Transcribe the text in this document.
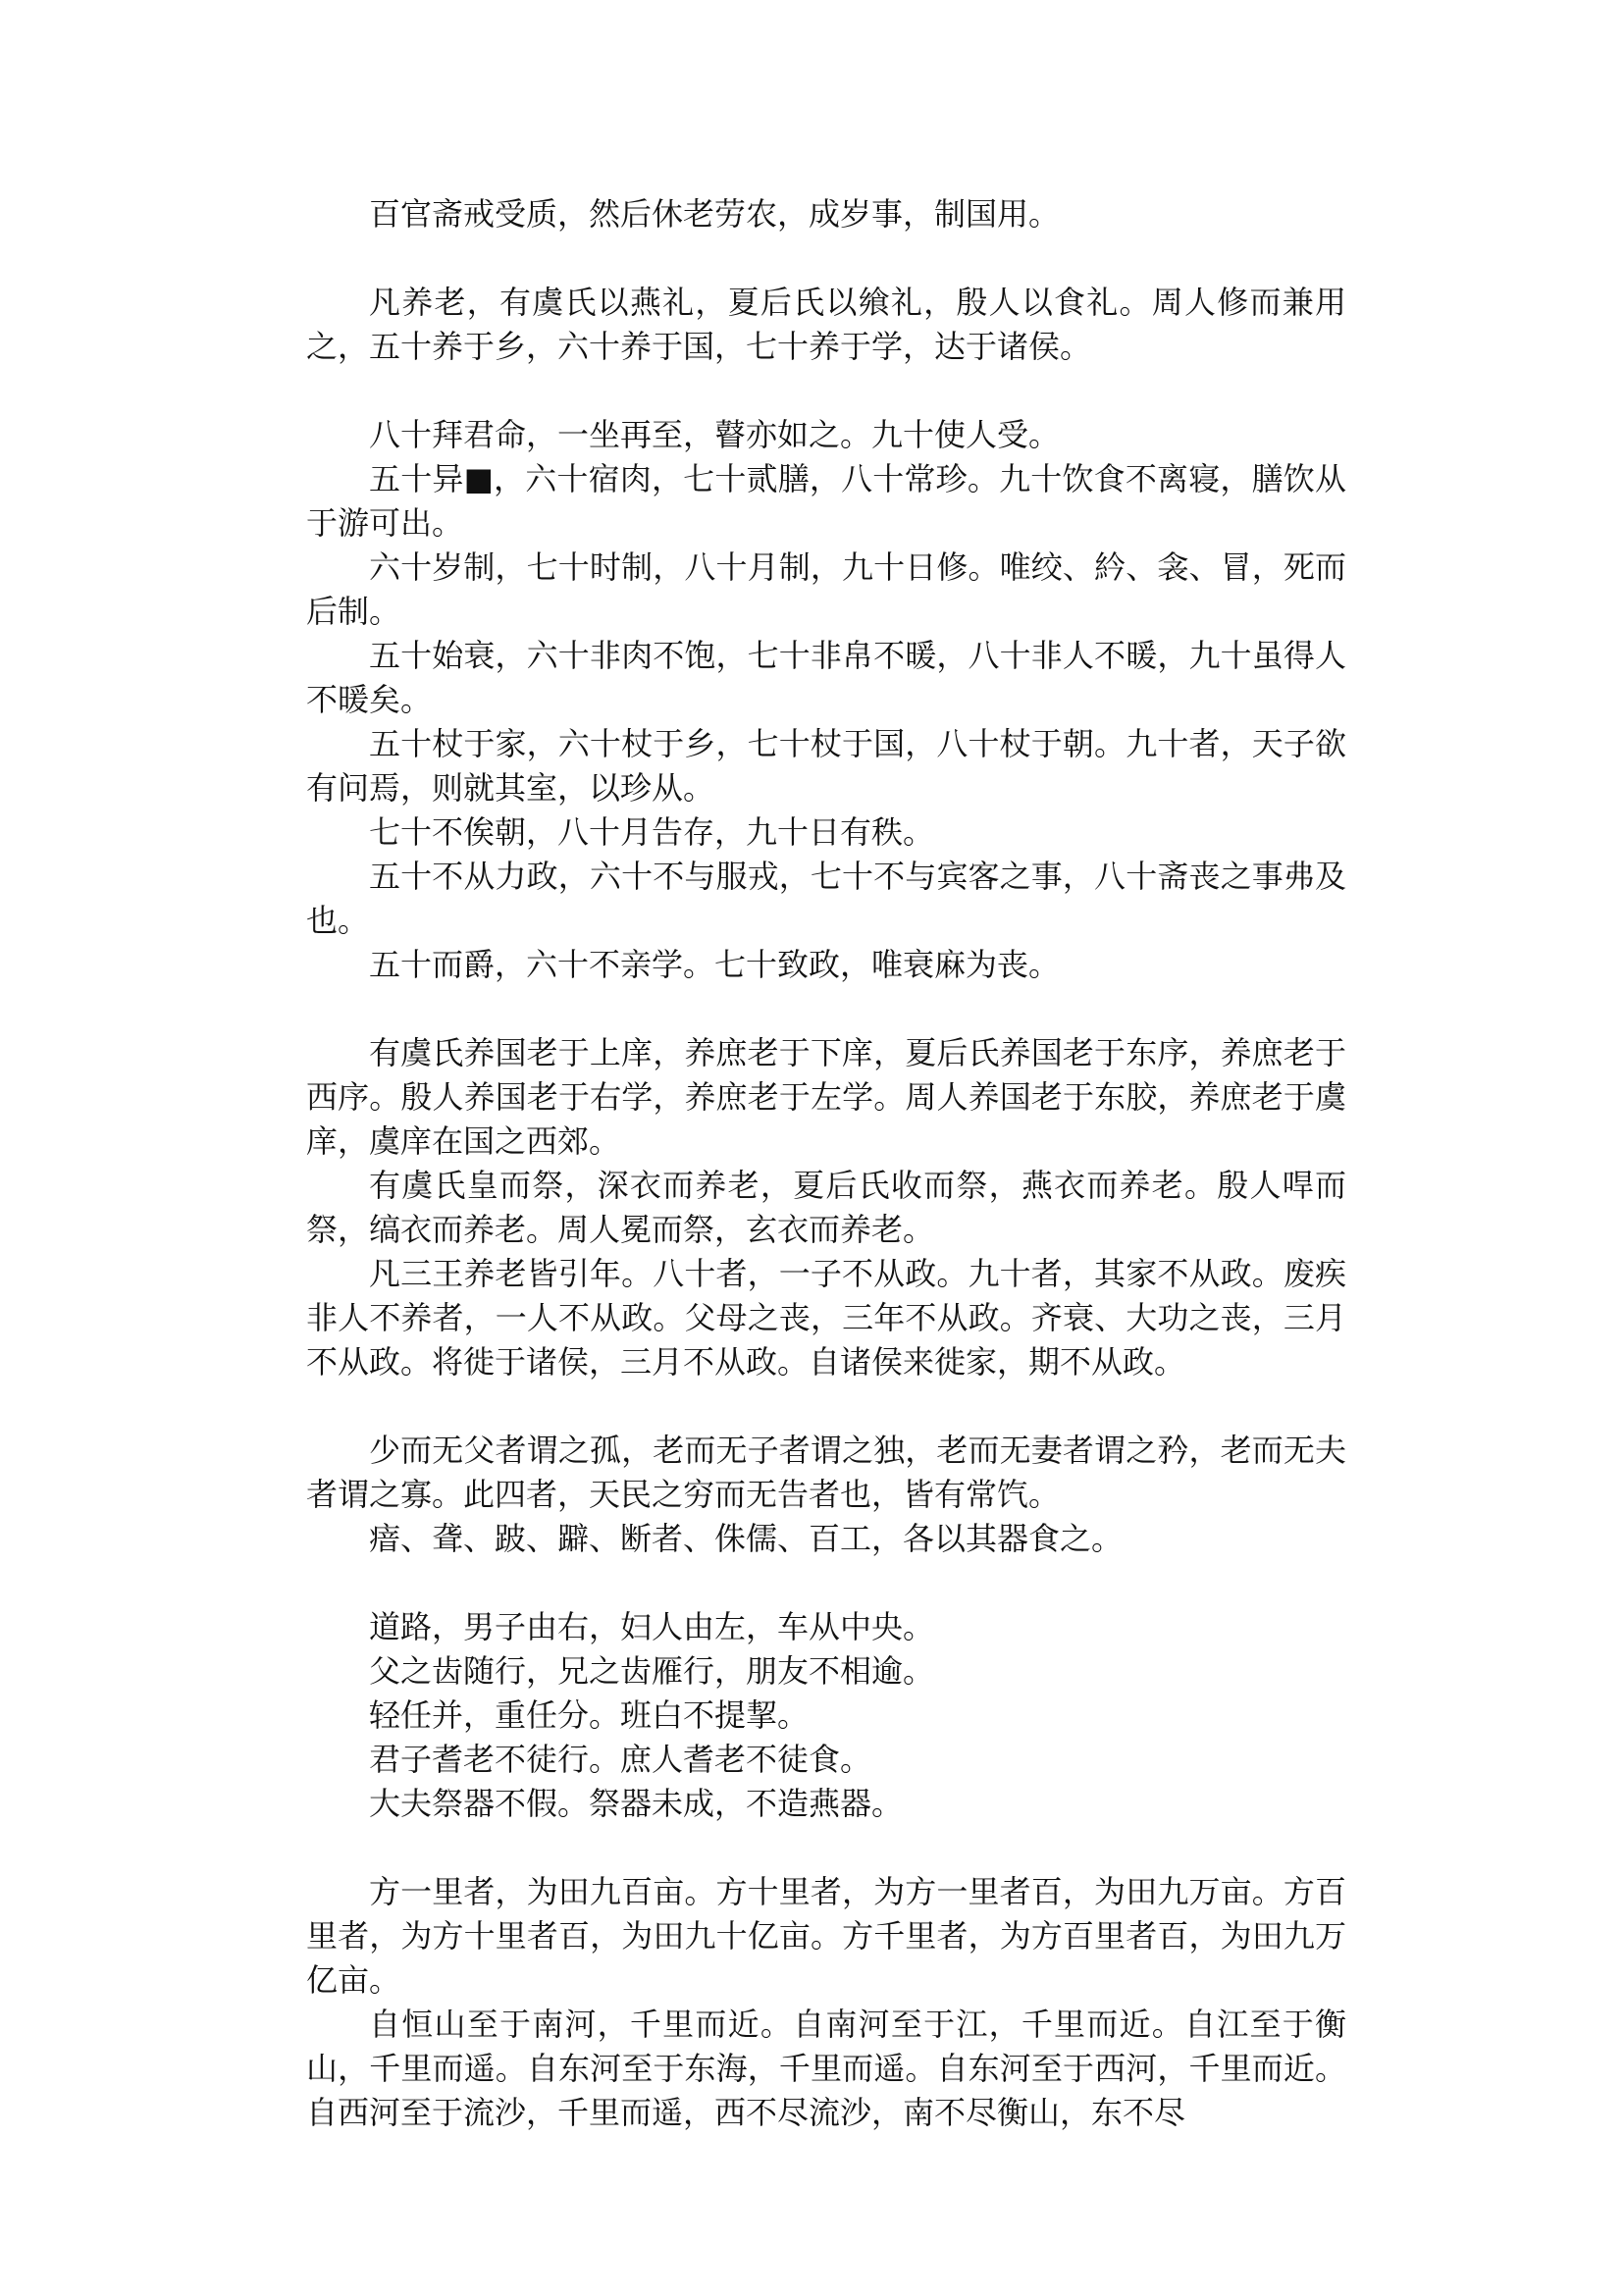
百官斋戒受质，然后休老劳农，成岁事，制国用。

凡养老，有虞氏以燕礼，夏后氏以飨礼，殷人以食礼。周人修而兼用之，五十养于乡，六十养于国，七十养于学，达于诸侯。

八十拜君命，一坐再至，瞽亦如之。九十使人受。

五十异■，六十宿肉，七十贰膳，八十常珍。九十饮食不离寝，膳饮从于游可出。

六十岁制，七十时制，八十月制，九十日修。唯绞、紟、衾、冒，死而后制。

五十始衰，六十非肉不饱，七十非帛不暖，八十非人不暖，九十虽得人不暖矣。

五十杖于家，六十杖于乡，七十杖于国，八十杖于朝。九十者，天子欲有问焉，则就其室，以珍从。

七十不俟朝，八十月告存，九十日有秩。

五十不从力政，六十不与服戎，七十不与宾客之事，八十斋丧之事弗及也。

五十而爵，六十不亲学。七十致政，唯衰麻为丧。

有虞氏养国老于上庠，养庶老于下庠，夏后氏养国老于东序，养庶老于西序。殷人养国老于右学，养庶老于左学。周人养国老于东胶，养庶老于虞庠，虞庠在国之西郊。

有虞氏皇而祭，深衣而养老，夏后氏收而祭，燕衣而养老。殷人哻而祭，缟衣而养老。周人冕而祭，玄衣而养老。

凡三王养老皆引年。八十者，一子不从政。九十者，其家不从政。废疾非人不养者，一人不从政。父母之丧，三年不从政。齐衰、大功之丧，三月不从政。将徙于诸侯，三月不从政。自诸侯来徙家，期不从政。

少而无父者谓之孤，老而无子者谓之独，老而无妻者谓之矜，老而无夫者谓之寡。此四者，天民之穷而无告者也，皆有常饩。

瘖、聋、跛、躃、断者、侏儒、百工，各以其器食之。

道路，男子由右，妇人由左，车从中央。

父之齿随行，兄之齿雁行，朋友不相逾。

轻任并，重任分。班白不提挈。

君子耆老不徒行。庶人耆老不徒食。

大夫祭器不假。祭器未成，不造燕器。

方一里者，为田九百亩。方十里者，为方一里者百，为田九万亩。方百里者，为方十里者百，为田九十亿亩。方千里者，为方百里者百，为田九万亿亩。

自恒山至于南河，千里而近。自南河至于江，千里而近。自江至于衡山，千里而遥。自东河至于东海，千里而遥。自东河至于西河，千里而近。自西河至于流沙，千里而遥，西不尽流沙，南不尽衡山，东不尽
